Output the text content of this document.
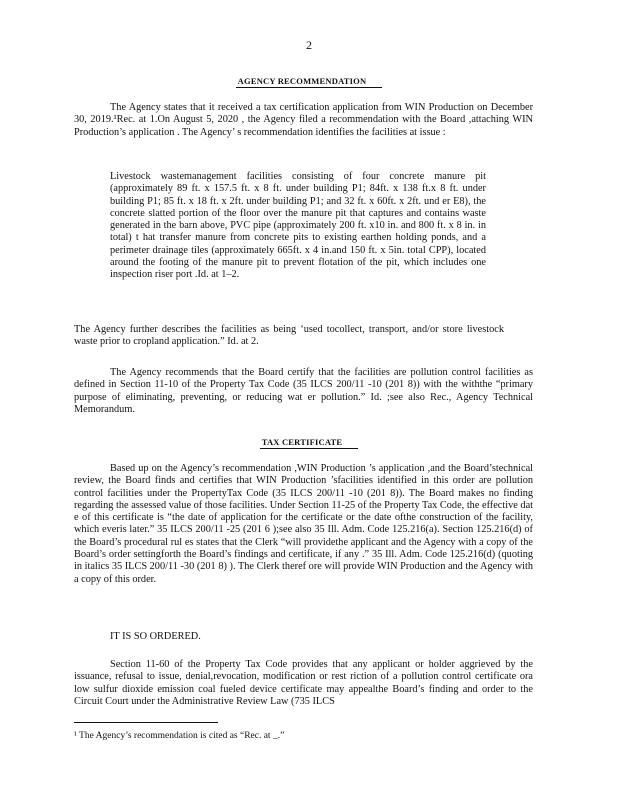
2
AGENCY RECOMMENDATION

The Agency states that it received a tax certification application from WIN Production on December 30, 2019.¹Rec. at 1.On August 5, 2020 , the Agency filed a recommendation with the Board ,attaching WIN Production’s application . The Agency’ s recommendation identifies the facilities at issue :

Livestock wastemanagement facilities consisting of four concrete manure pit (approximately 89 ft. x 157.5 ft. x 8 ft. under building P1; 84ft. x 138 ft.x 8 ft. under building P1; 85 ft. x 18 ft. x 2ft. under building P1; and 32 ft. x 60ft. x 2ft. und er E8), the concrete slatted portion of the floor over the manure pit that captures and contains waste generated in the barn above, PVC pipe (approximately 200 ft. x10 in. and 800 ft. x 8 in. in total) t hat transfer manure from concrete pits to existing earthen holding ponds, and a perimeter drainage tiles (approximately 665ft. x 4 in.and 150 ft. x 5in. total CPP), located around the footing of the manure pit to prevent flotation of the pit, which includes one inspection riser port .Id. at 1–2.

The Agency further describes the facilities as being ‘used tocollect, transport, and/or store livestock waste prior to cropland application.” Id. at 2.

The Agency recommends that the Board certify that the facilities are pollution control facilities as defined in Section 11-10 of the Property Tax Code (35 ILCS 200/11 -10 (201 8)) with the withthe “primary purpose of eliminating, preventing, or reducing wat er pollution.” Id. ;see also Rec., Agency Technical Memorandum.

TAX CERTIFICATE

Based up on the Agency’s recommendation ,WIN Production ’s application ,and the Board’stechnical review, the Board finds and certifies that WIN Production ’sfacilities identified in this order are pollution control facilities under the PropertyTax Code (35 ILCS 200/11 -10 (201 8)). The Board makes no finding regarding the assessed value of those facilities. Under Section 11-25 of the Property Tax Code, the effective dat e of this certificate is “the date of application for the certificate or the date ofthe construction of the facility, which everis later.” 35 ILCS 200/11 -25 (201 6 );see also 35 Ill. Adm. Code 125.216(a). Section 125.216(d) of the Board’s procedural rul es states that the Clerk “will providethe applicant and the Agency with a copy of the Board’s order settingforth the Board’s findings and certificate, if any .” 35 Ill. Adm. Code 125.216(d) (quoting in italics 35 ILCS 200/11 -30 (201 8) ). The Clerk theref ore will provide WIN Production and the Agency with a copy of this order.

IT IS SO ORDERED.

Section 11-60 of the Property Tax Code provides that any applicant or holder aggrieved by the issuance, refusal to issue, denial,revocation, modification or rest riction of a pollution control certificate ora low sulfur dioxide emission coal fueled device certificate may appealthe Board’s finding and order to the Circuit Court under the Administrative Review Law (735 ILCS

¹ The Agency’s recommendation is cited as “Rec. at _.”
